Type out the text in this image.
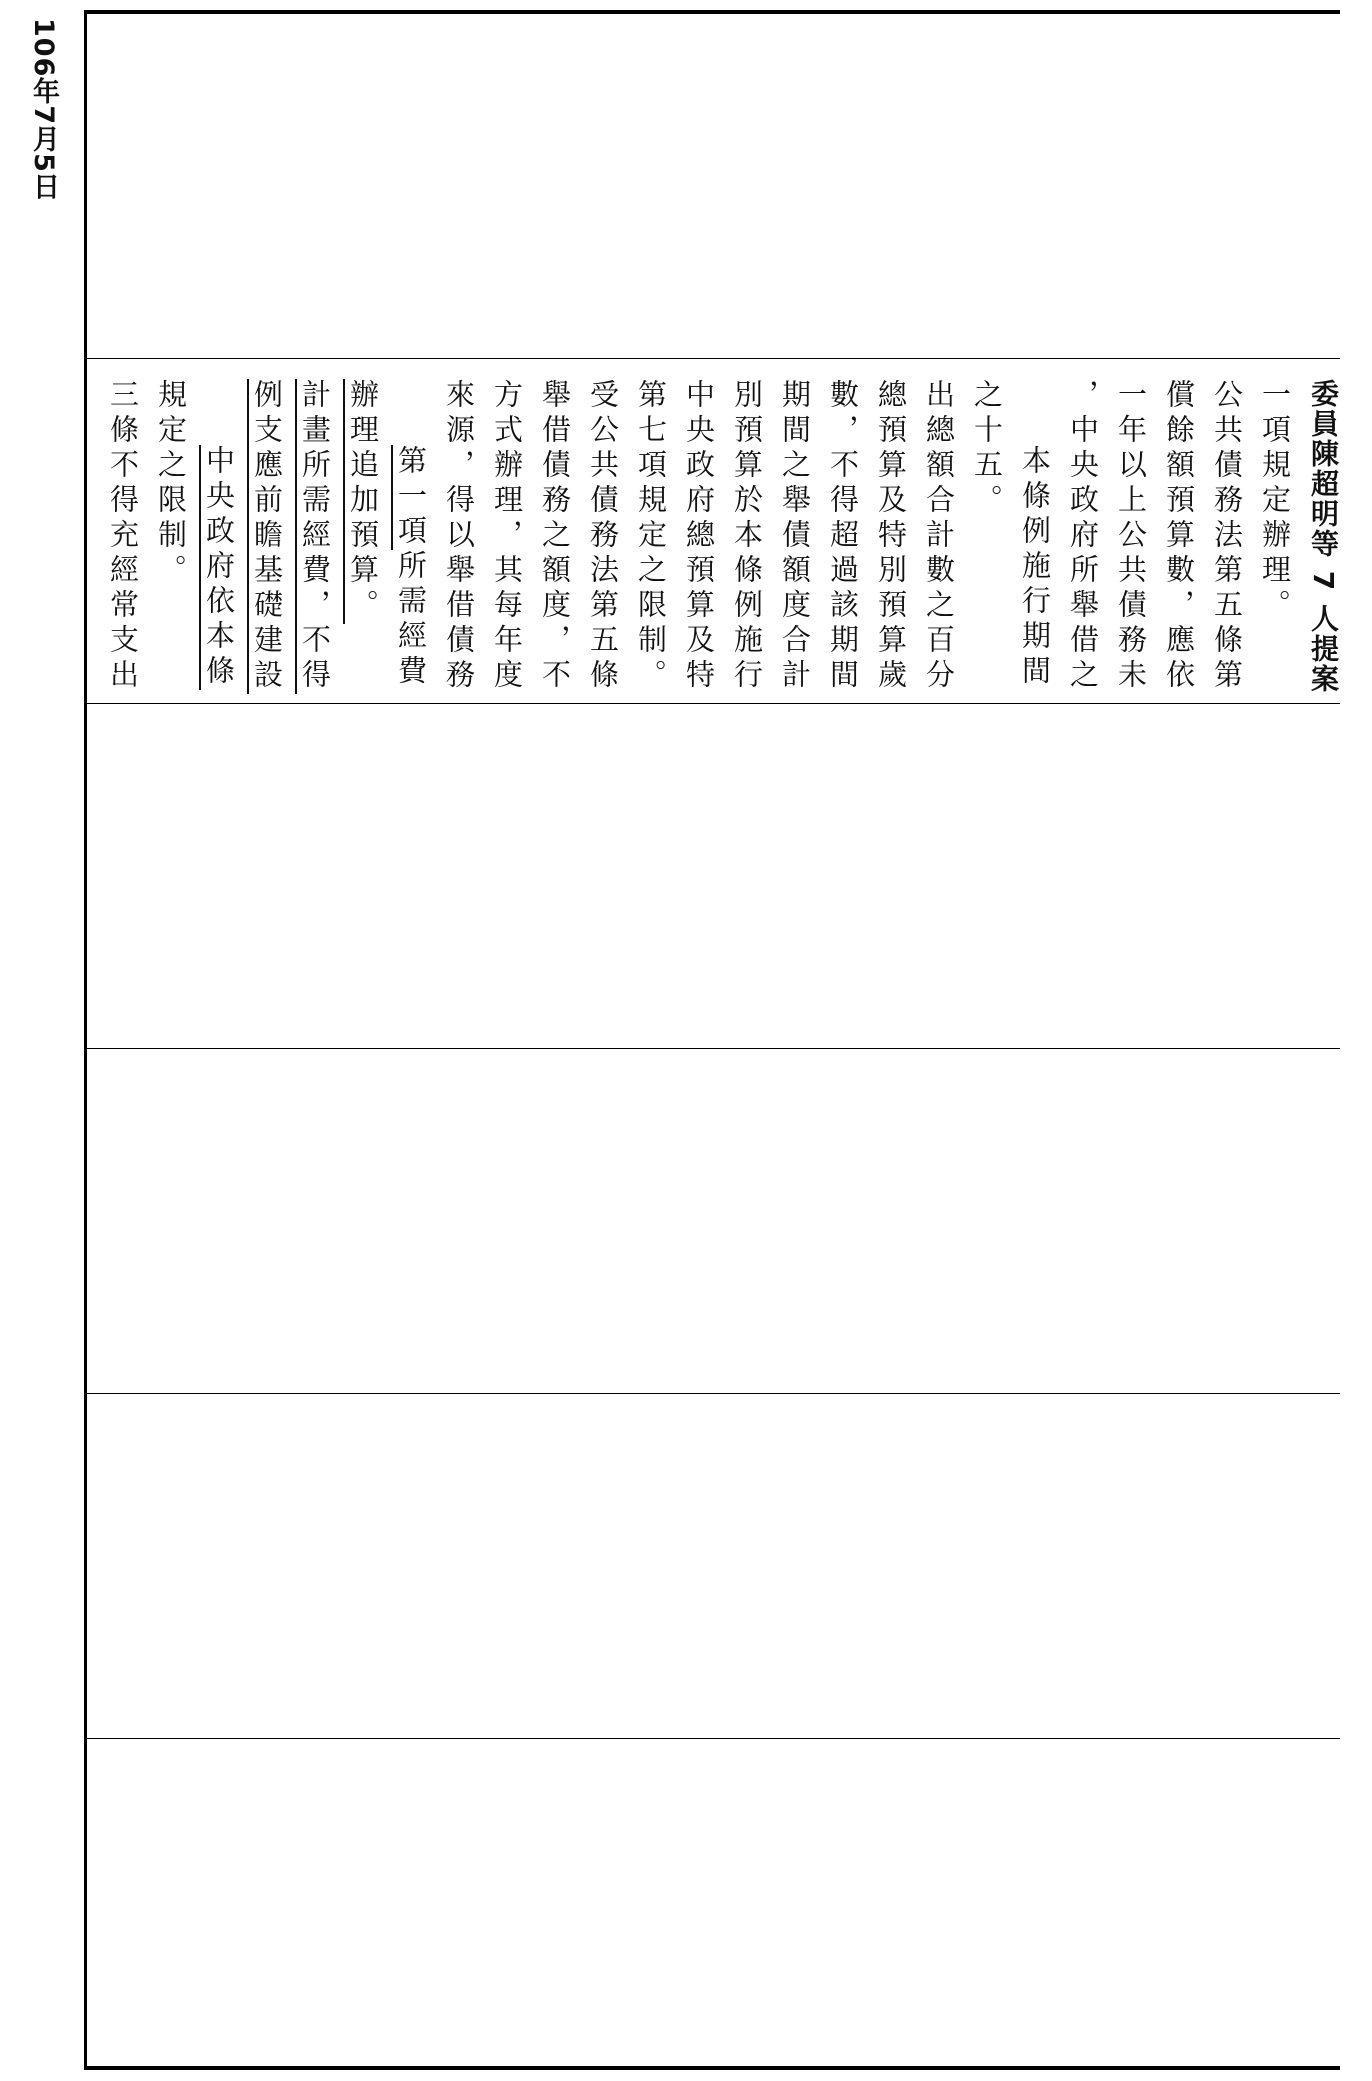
106年7月5日
三條不得充經常支出 規定之限制。 中央政府依本條 例支應前瞻基礎建設 計畫所需經費，不得 辦理追加預算。 第一項所需經費 來源，得以舉借債務 方式辦理，其每年度 舉借債務之額度，不 受公共債務法第五條 第七項規定之限制。 中央政府總預算及特 別預算於本條例施行 期間之舉債額度合計 數，不得超過該期間 總預算及特別預算歲 出總額合計數之百分 之十五。 本條例施行期間 ，中央政府所舉借之 一年以上公共債務未 償餘額預算數，應依 公共債務法第五條第 一項規定辦理。 委員陳超明等 7 人提案
